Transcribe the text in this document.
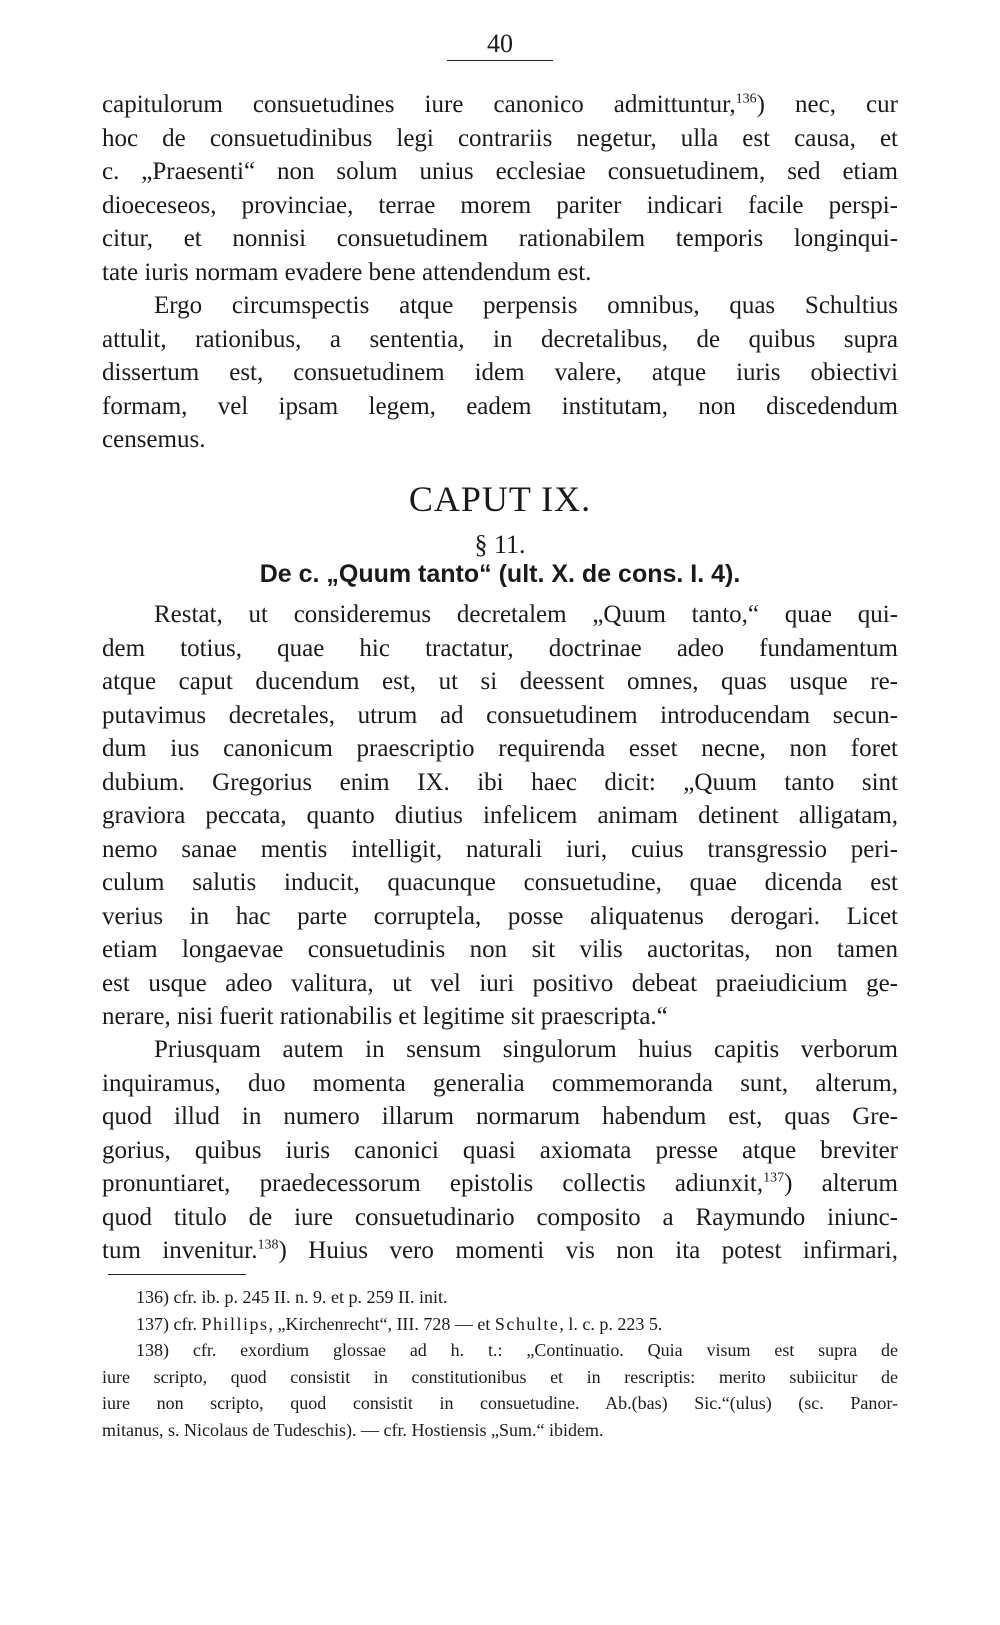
40

capitulorum consuetudines iure canonico admittuntur,$^{136}$) nec, cur

hoc de consuetudinibus legi contrariis negetur, ulla est causa, et

c. „Praesenti“ non solum unius ecclesiae consuetudinem, sed etiam

dioeceseos, provinciae, terrae morem pariter indicari facile perspi-

citur, et nonnisi consuetudinem rationabilem temporis longinqui-

tate iuris normam evadere bene attendendum est.

Ergo circumspectis atque perpensis omnibus, quas Schultius

attulit, rationibus, a sententia, in decretalibus, de quibus supra

dissertum est, consuetudinem idem valere, atque iuris obiectivi

formam, vel ipsam legem, eadem institutam, non discedendum

censemus.

CAPUT IX.
§ 11.
De c. „Quum tanto“ (ult. X. de cons. I. 4).

Restat, ut consideremus decretalem „Quum tanto,“ quae qui-

dem totius, quae hic tractatur, doctrinae adeo fundamentum

atque caput ducendum est, ut si deessent omnes, quas usque re-

putavimus decretales, utrum ad consuetudinem introducendam secun-

dum ius canonicum praescriptio requirenda esset necne, non foret

dubium. Gregorius enim IX. ibi haec dicit: „Quum tanto sint

graviora peccata, quanto diutius infelicem animam detinent alligatam,

nemo sanae mentis intelligit, naturali iuri, cuius transgressio peri-

culum salutis inducit, quacunque consuetudine, quae dicenda est

verius in hac parte corruptela, posse aliquatenus derogari. Licet

etiam longaevae consuetudinis non sit vilis auctoritas, non tamen

est usque adeo valitura, ut vel iuri positivo debeat praeiudicium ge-

nerare, nisi fuerit rationabilis et legitime sit praescripta.“

Priusquam autem in sensum singulorum huius capitis verborum

inquiramus, duo momenta generalia commemoranda sunt, alterum,

quod illud in numero illarum normarum habendum est, quas Gre-

gorius, quibus iuris canonici quasi axiomata presse atque breviter

pronuntiaret, praedecessorum epistolis collectis adiunxit,$^{137}$) alterum

quod titulo de iure consuetudinario composito a Raymundo iniunc-

tum invenitur.$^{138}$) Huius vero momenti vis non ita potest infirmari,

136) cfr. ib. p. 245 II. n. 9. et p. 259 II. init.

137) cfr. Phillips, „Kirchenrecht“, III. 728 — et Schulte, l. c. p. 223 5.

138) cfr. exordium glossae ad h. t.: „Continuatio. Quia visum est supra de

iure scripto, quod consistit in constitutionibus et in rescriptis: merito subiicitur de

iure non scripto, quod consistit in consuetudine. Ab.(bas) Sic.“(ulus) (sc. Panor-

mitanus, s. Nicolaus de Tudeschis). — cfr. Hostiensis „Sum.“ ibidem.
